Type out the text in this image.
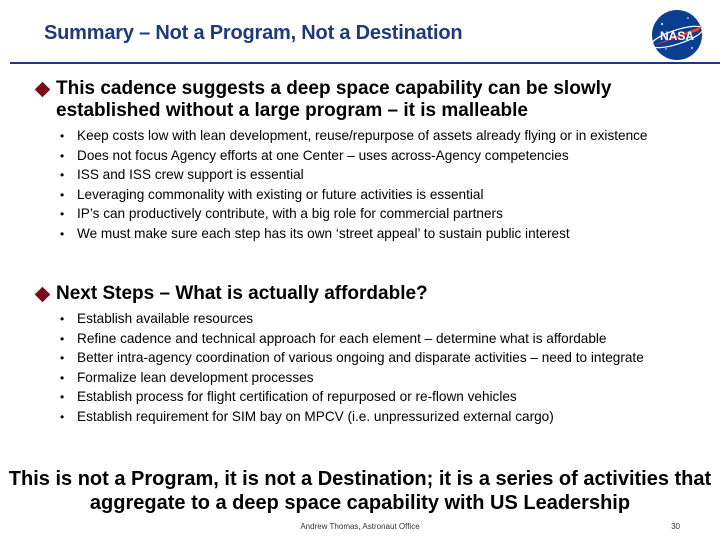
Summary – Not a Program, Not a Destination	NASA
This cadence suggests a deep space capability can be slowly established without a large program – it is malleable
• Keep costs low with lean development, reuse/repurpose of assets already flying or in existence
• Does not focus Agency efforts at one Center – uses across-Agency competencies
• ISS and ISS crew support is essential
• Leveraging commonality with existing or future activities is essential
• IP’s can productively contribute, with a big role for commercial partners
• We must make sure each step has its own ‘street appeal’ to sustain public interest
Next Steps – What is actually affordable?
• Establish available resources
• Refine cadence and technical approach for each element – determine what is affordable
• Better intra-agency coordination of various ongoing and disparate activities – need to integrate
• Formalize lean development processes
• Establish process for flight certification of repurposed or re-flown vehicles
• Establish requirement for SIM bay on MPCV (i.e. unpressurized external cargo)
This is not a Program, it is not a Destination; it is a series of activities that aggregate to a deep space capability with US Leadership
Andrew Thomas, Astronaut Office	30
